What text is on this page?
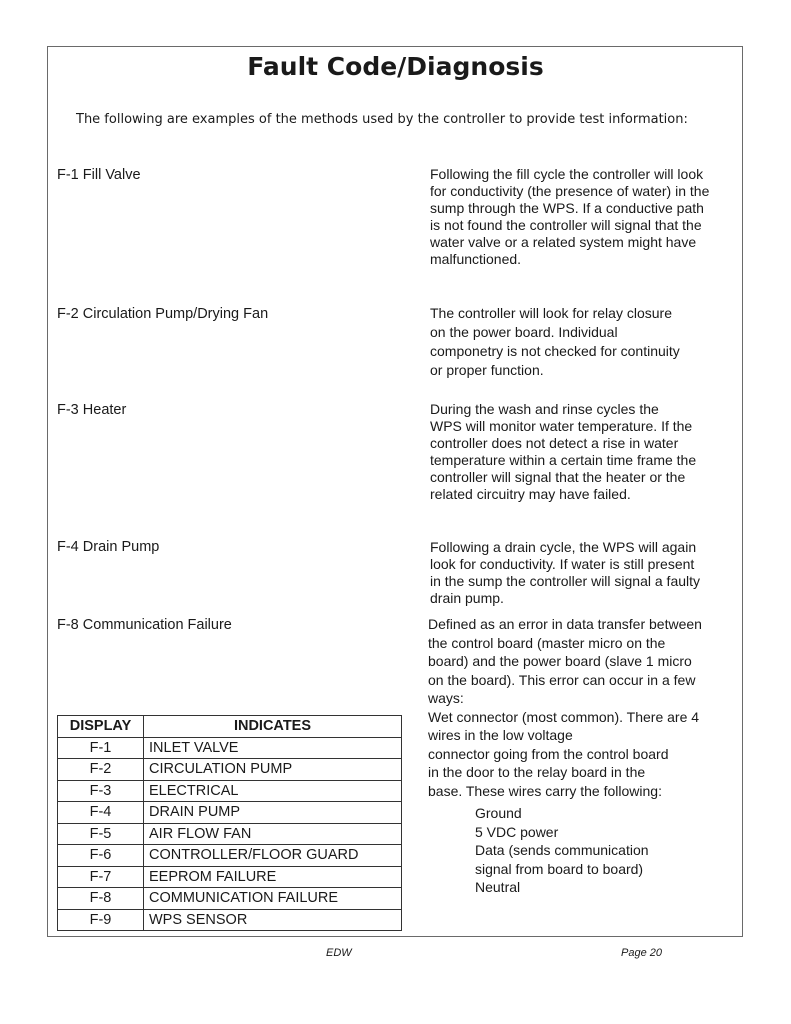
Fault Code/Diagnosis
The following are examples of the methods used by the controller to provide test information:
F-1 Fill Valve	Following the fill cycle the controller will look
for conductivity (the presence of water) in the
sump through the WPS. If a conductive path
is not found the controller will signal that the
water valve or a related system might have
malfunctioned.
F-2 Circulation Pump/Drying Fan	The controller will look for relay closure
on the power board. Individual
componetry is not checked for continuity
or proper function.
F-3 Heater	During the wash and rinse cycles the
WPS will monitor water temperature. If the
controller does not detect a rise in water
temperature within a certain time frame the
controller will signal that the heater or the
related circuitry may have failed.
F-4 Drain Pump	Following a drain cycle, the WPS will again
look for conductivity. If water is still present
in the sump the controller will signal a faulty
drain pump.
F-8 Communication Failure	Defined as an error in data transfer between
the control board (master micro on the
board) and the power board (slave 1 micro
on the board). This error can occur in a few
ways:
Wet connector (most common). There are 4
wires in the low voltage
connector going from the control board
in the door to the relay board in the
base. These wires carry the following:
Ground
5 VDC power
Data (sends communication
signal from board to board)
Neutral
DISPLAY	INDICATES
F-1	INLET VALVE
F-2	CIRCULATION PUMP
F-3	ELECTRICAL
F-4	DRAIN PUMP
F-5	AIR FLOW FAN
F-6	CONTROLLER/FLOOR GUARD
F-7	EEPROM FAILURE
F-8	COMMUNICATION FAILURE
F-9	WPS SENSOR
EDW	Page 20
